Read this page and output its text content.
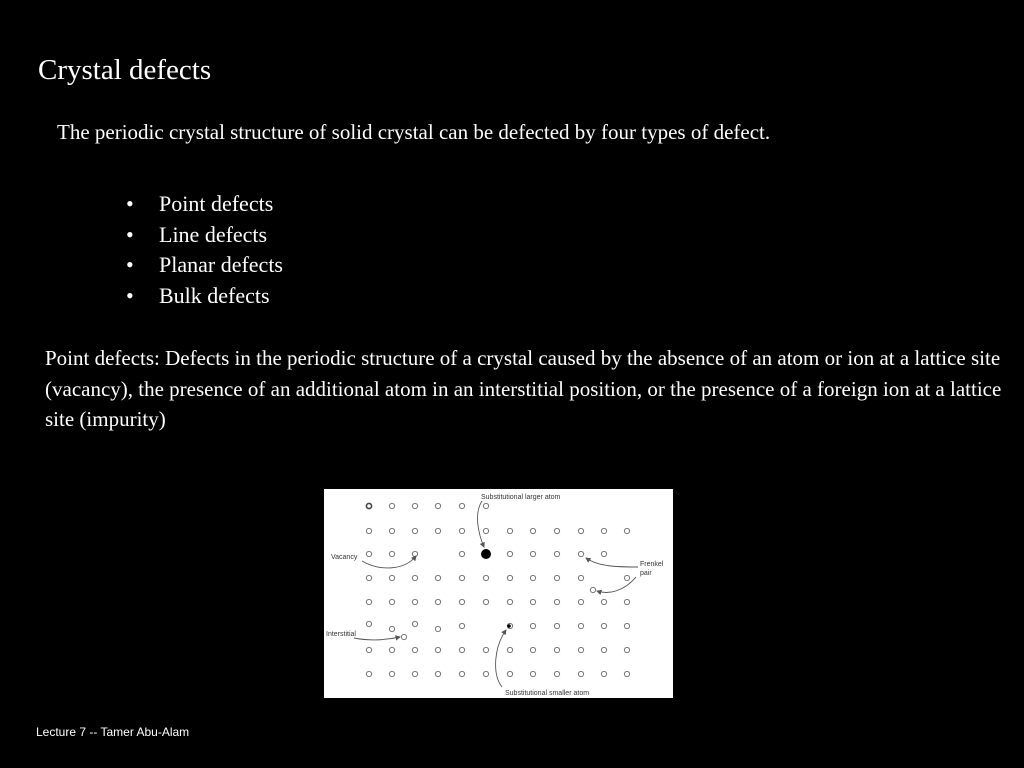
Crystal defects
The periodic crystal structure of solid crystal can be defected by four types of defect.
• Point defects
• Line defects
• Planar defects
• Bulk defects
Point defects: Defects in the periodic structure of a crystal caused by the absence of an atom or ion at a lattice site (vacancy), the presence of an additional atom in an interstitial position, or the presence of a foreign ion at a lattice site (impurity)
Substitutional larger atom
Vacancy
Frenkel
pair
Interstitial
Substitutional smaller atom
Lecture 7 -- Tamer Abu-Alam
